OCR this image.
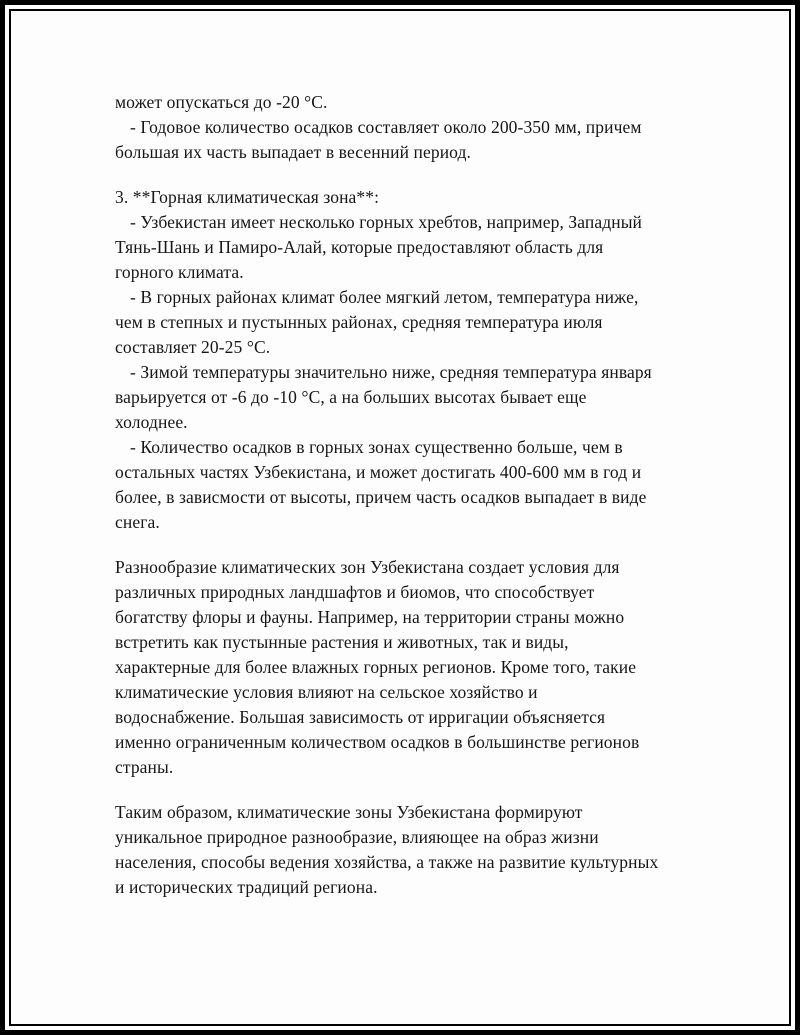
может опускаться до -20 °C.
- Годовое количество осадков составляет около 200-350 мм, причем
большая их часть выпадает в весенний период.
3. **Горная климатическая зона**:
- Узбекистан имеет несколько горных хребтов, например, Западный
Тянь-Шань и Памиро-Алай, которые предоставляют область для
горного климата.
- В горных районах климат более мягкий летом, температура ниже,
чем в степных и пустынных районах, средняя температура июля
составляет 20-25 °C.
- Зимой температуры значительно ниже, средняя температура января
варьируется от -6 до -10 °C, а на больших высотах бывает еще
холоднее.
- Количество осадков в горных зонах существенно больше, чем в
остальных частях Узбекистана, и может достигать 400-600 мм в год и
более, в зависмости от высоты, причем часть осадков выпадает в виде
снега.
Разнообразие климатических зон Узбекистана создает условия для
различных природных ландшафтов и биомов, что способствует
богатству флоры и фауны. Например, на территории страны можно
встретить как пустынные растения и животных, так и виды,
характерные для более влажных горных регионов. Кроме того, такие
климатические условия влияют на сельское хозяйство и
водоснабжение. Большая зависимость от ирригации объясняется
именно ограниченным количеством осадков в большинстве регионов
страны.
Таким образом, климатические зоны Узбекистана формируют
уникальное природное разнообразие, влияющее на образ жизни
населения, способы ведения хозяйства, а также на развитие культурных
и исторических традиций региона.
